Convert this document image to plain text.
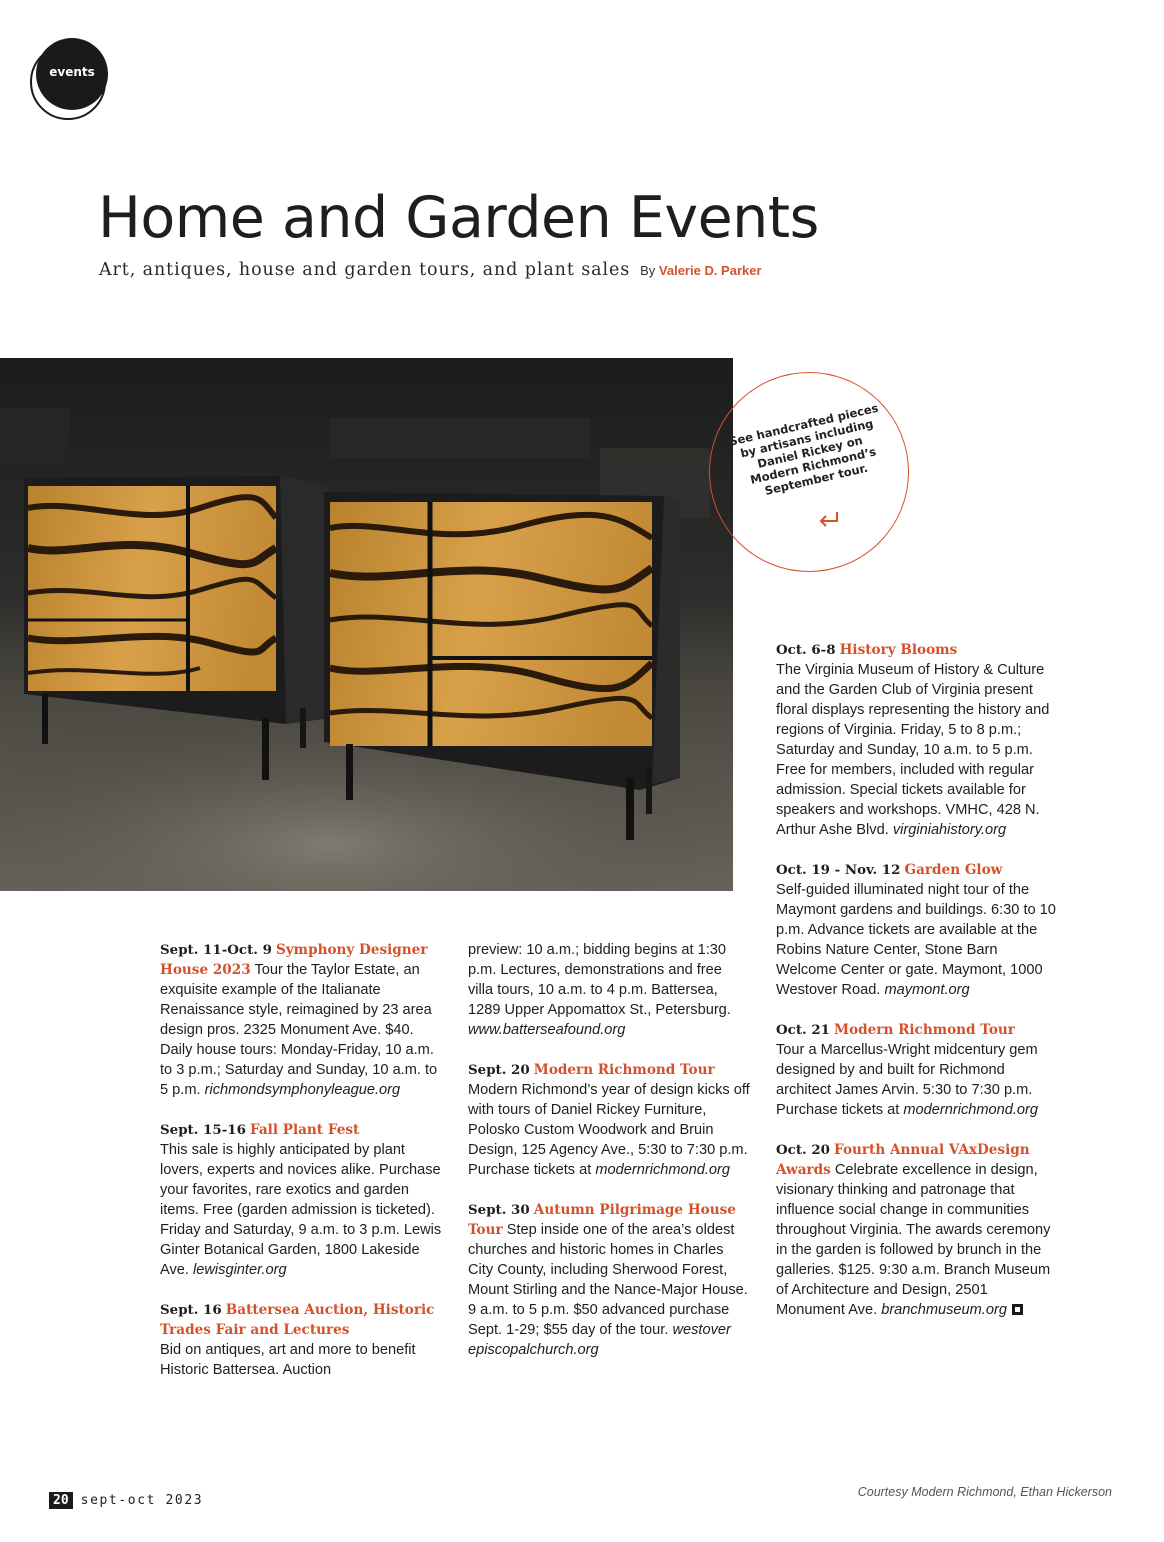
events
Home and Garden Events
Art, antiques, house and garden tours, and plant sales By Valerie D. Parker

See handcrafted pieces by artisans including Daniel Rickey on Modern Richmond’s September tour.

Sept. 11-Oct. 9 Symphony Designer House 2023 Tour the Taylor Estate, an exquisite example of the Italianate Renaissance style, reimagined by 23 area design pros. 2325 Monument Ave. $40. Daily house tours: Monday-Friday, 10 a.m. to 3 p.m.; Saturday and Sunday, 10 a.m. to 5 p.m. richmondsymphonyleague.org

Sept. 15-16 Fall Plant Fest
This sale is highly anticipated by plant lovers, experts and novices alike. Purchase your favorites, rare exotics and garden items. Free (garden admission is ticketed). Friday and Saturday, 9 a.m. to 3 p.m. Lewis Ginter Botanical Garden, 1800 Lakeside Ave. lewisginter.org

Sept. 16 Battersea Auction, Historic Trades Fair and Lectures
Bid on antiques, art and more to benefit Historic Battersea. Auction

preview: 10 a.m.; bidding begins at 1:30 p.m. Lectures, demonstrations and free villa tours, 10 a.m. to 4 p.m. Battersea, 1289 Upper Appomattox St., Petersburg. www.batterseafound.org

Sept. 20 Modern Richmond Tour
Modern Richmond’s year of design kicks off with tours of Daniel Rickey Furniture, Polosko Custom Woodwork and Bruin Design, 125 Agency Ave., 5:30 to 7:30 p.m. Purchase tickets at modernrichmond.org

Sept. 30 Autumn Pilgrimage House Tour Step inside one of the area’s oldest churches and historic homes in Charles City County, including Sherwood Forest, Mount Stirling and the Nance-Major House. 9 a.m. to 5 p.m. $50 advanced purchase Sept. 1-29; $55 day of the tour. westover episcopalchurch.org

Oct. 6-8 History Blooms
The Virginia Museum of History & Culture and the Garden Club of Virginia present floral displays representing the history and regions of Virginia. Friday, 5 to 8 p.m.; Saturday and Sunday, 10 a.m. to 5 p.m. Free for members, included with regular admission. Special tickets available for speakers and workshops. VMHC, 428 N. Arthur Ashe Blvd. virginiahistory.org

Oct. 19 - Nov. 12 Garden Glow
Self-guided illuminated night tour of the Maymont gardens and buildings. 6:30 to 10 p.m. Advance tickets are available at the Robins Nature Center, Stone Barn Welcome Center or gate. Maymont, 1000 Westover Road. maymont.org

Oct. 21 Modern Richmond Tour
Tour a Marcellus-Wright midcentury gem designed by and built for Richmond architect James Arvin. 5:30 to 7:30 p.m. Purchase tickets at modernrichmond.org

Oct. 20 Fourth Annual VAxDesign Awards Celebrate excellence in design, visionary thinking and patronage that influence social change in communities throughout Virginia. The awards ceremony in the garden is followed by brunch in the galleries. $125. 9:30 a.m. Branch Museum of Architecture and Design, 2501 Monument Ave. branchmuseum.org

20 sept-oct 2023
Courtesy Modern Richmond, Ethan Hickerson
